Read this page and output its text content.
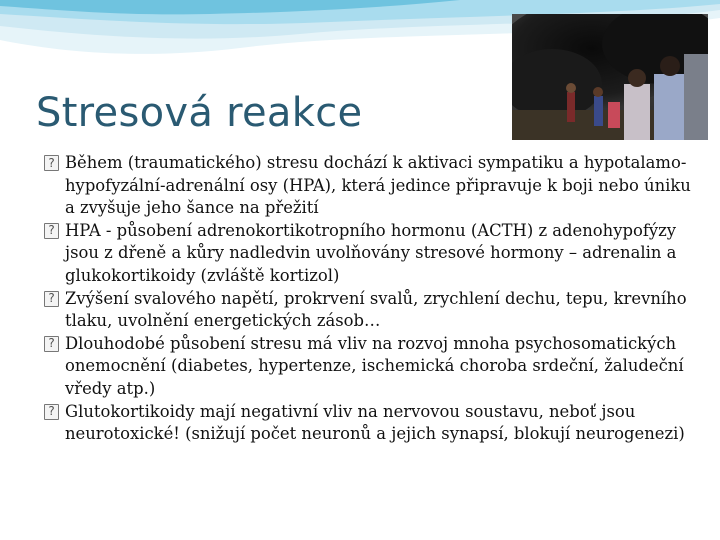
Stresová reakce
? Během (traumatického) stresu dochází k aktivaci sympatiku a hypotalamo-hypofyzální-adrenální osy (HPA), která jedince připravuje k boji nebo úniku a zvyšuje jeho šance na přežití
? HPA - působení adrenokortikotropního hormonu (ACTH) z adenohypofýzy jsou z dřeně a kůry nadledvin uvolňovány stresové hormony – adrenalin a glukokortikoidy (zvláště kortizol)
? Zvýšení svalového napětí, prokrvení svalů, zrychlení dechu, tepu, krevního tlaku, uvolnění energetických zásob…
? Dlouhodobé působení stresu má vliv na rozvoj mnoha psychosomatických onemocnění (diabetes, hypertenze, ischemická choroba srdeční, žaludeční vředy atp.)
? Glutokortikoidy mají negativní vliv na nervovou soustavu, neboť jsou neurotoxické! (snižují počet neuronů a jejich synapsí, blokují neurogenezi)
